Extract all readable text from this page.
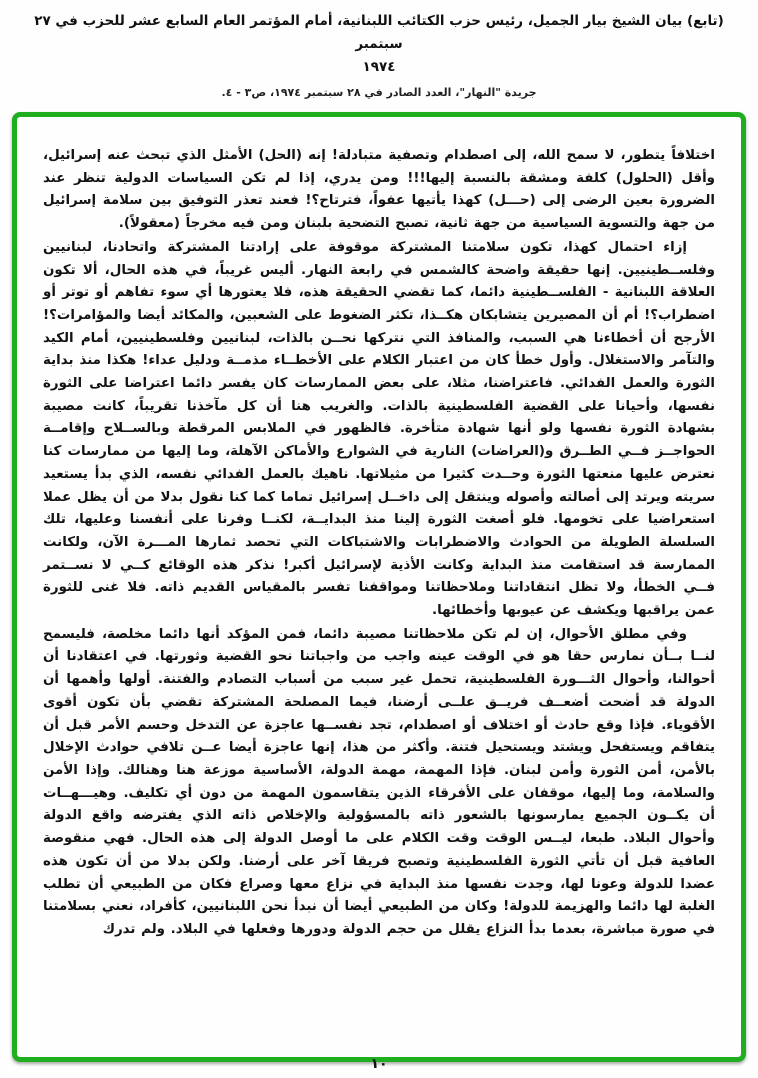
(تابع) بيان الشيخ بيار الجميل، رئيس حزب الكتائب اللبنانية، أمام المؤتمر العام السابع عشر للحزب في ٢٧ سبتمبر
١٩٧٤
جريدة "النهار"، العدد الصادر في ٢٨ سبتمبر ١٩٧٤، ص٣ - ٤.

اختلافاً يتطور، لا سمح الله، إلى اصطدام وتصفية متبادلة! إنه (الحل) الأمثل الذي تبحث عنه إسرائيل، وأقل (الحلول) كلفة ومشقة بالنسبة إليها!!! ومن يدري، إذا لم تكن السياسات الدولية تنظر عند الضرورة بعين الرضى إلى (حـــل) كهذا يأتيها عفواً، فترتاح؟! فعند تعذر التوفيق بين سلامة إسرائيل من جهة والتسوية السياسية من جهة ثانية، تصبح التضحية بلبنان ومن فيه مخرجاً (معقولاً).

إزاء احتمال كهذا، تكون سلامتنا المشتركة موقوفة على إرادتنا المشتركة واتحادنا، لبنانيين وفلســطينيين. إنها حقيقة واضحة كالشمس في رابعة النهار. أليس غريباً، في هذه الحال، ألا تكون العلاقة اللبنانية - الفلســطينية دائما، كما تقضي الحقيقة هذه، فلا يعتورها أي سوء تفاهم أو توتر أو اضطراب؟! أم أن المصيرين يتشابكان هكــذا، تكثر الضغوط على الشعبين، والمكائد أيضا والمؤامرات؟! الأرجح أن أخطاءنا هي السبب، والمنافذ التي نتركها نحــن بالذات، لبنانيين وفلسطينيين، أمام الكيد والتآمر والاستغلال. وأول خطأ كان من اعتبار الكلام على الأخطــاء مذمــة ودليل عداء! هكذا منذ بداية الثورة والعمل الفدائي. فاعتراضنا، مثلا، على بعض الممارسات كان يفسر دائما اعتراضا على الثورة نفسها، وأحيانا على القضية الفلسطينية بالذات. والغريب هنا أن كل مآخذنا تقريباً، كانت مصيبة بشهادة الثورة نفسها ولو أنها شهادة متأخرة. فالظهور في الملابس المرقطة وبالســلاح وإقامــة الحواجــز فــي الطــرق و(العراضات) النارية في الشوارع والأماكن الآهلة، وما إليها من ممارسات كنا نعترض عليها منعتها الثورة وحــدت كثيرا من مثيلاتها. ناهيك بالعمل الفدائي نفسه، الذي بدأ يستعيد سريته ويرتد إلى أصالته وأصوله وينتقل إلى داخــل إسرائيل تماما كما كنا نقول بدلا من أن يظل عملا استعراضيا على تخومها. فلو أصغت الثورة إلينا منذ البدايــة، لكنــا وفرنا على أنفسنا وعليها، تلك السلسلة الطويلة من الحوادث والاضطرابات والاشتباكات التي تحصد ثمارها المـــرة الآن، ولكانت الممارسة قد استقامت منذ البداية وكانت الأذية لإسرائيل أكبر! نذكر هذه الوقائع كــي لا نســتمر فــي الخطأ، ولا تظل انتقاداتنا وملاحظاتنا ومواقفنا تفسر بالمقياس القديم ذاته. فلا غنى للثورة عمن يراقبها ويكشف عن عيوبها وأخطائها.

وفي مطلق الأحوال، إن لم تكن ملاحظاتنا مصيبة دائما، فمن المؤكد أنها دائما مخلصة، فليسمح لنــا بــأن نمارس حقا هو في الوقت عينه واجب من واجباتنا نحو القضية وثورتها. في اعتقادنا أن أحوالنا، وأحوال الثـــورة الفلسطينية، تحمل غير سبب من أسباب التصادم والفتنة. أولها وأهمها أن الدولة قد أضحت أضعــف فريــق علــى أرضنا، فيما المصلحة المشتركة تقضي بأن تكون أقوى الأقوياء. فإذا وقع حادث أو اختلاف أو اصطدام، تجد نفســها عاجزة عن التدخل وحسم الأمر قبل أن يتفاقم ويستفحل ويشتد ويستحيل فتنة. وأكثر من هذا، إنها عاجزة أيضا عــن تلافي حوادث الإخلال بالأمن، أمن الثورة وأمن لبنان. فإذا المهمة، مهمة الدولة، الأساسية موزعة هنا وهنالك. وإذا الأمن والسلامة، وما إليها، موقفان على الأفرقاء الذين يتقاسمون المهمة من دون أي تكليف. وهيـــهــات أن يكــون الجميع يمارسونها بالشعور ذاته بالمسؤولية والإخلاص ذاته الذي يفترضه واقع الدولة وأحوال البلاد. طبعا، ليــس الوقت وقت الكلام على ما أوصل الدولة إلى هذه الحال. فهي منقوصة العافية قبل أن تأتي الثورة الفلسطينية وتصبح فريقا آخر على أرضنا. ولكن بدلا من أن تكون هذه عضدا للدولة وعونا لها، وجدت نفسها منذ البداية في نزاع معها وصراع فكان من الطبيعي أن تطلب الغلبة لها دائما والهزيمة للدولة! وكان من الطبيعي أيضا أن نبدأ نحن اللبنانيين، كأفراد، نعني بسلامتنا في صورة مباشرة، بعدما بدأ النزاع يقلل من حجم الدولة ودورها وفعلها في البلاد. ولم تدرك

١٠
